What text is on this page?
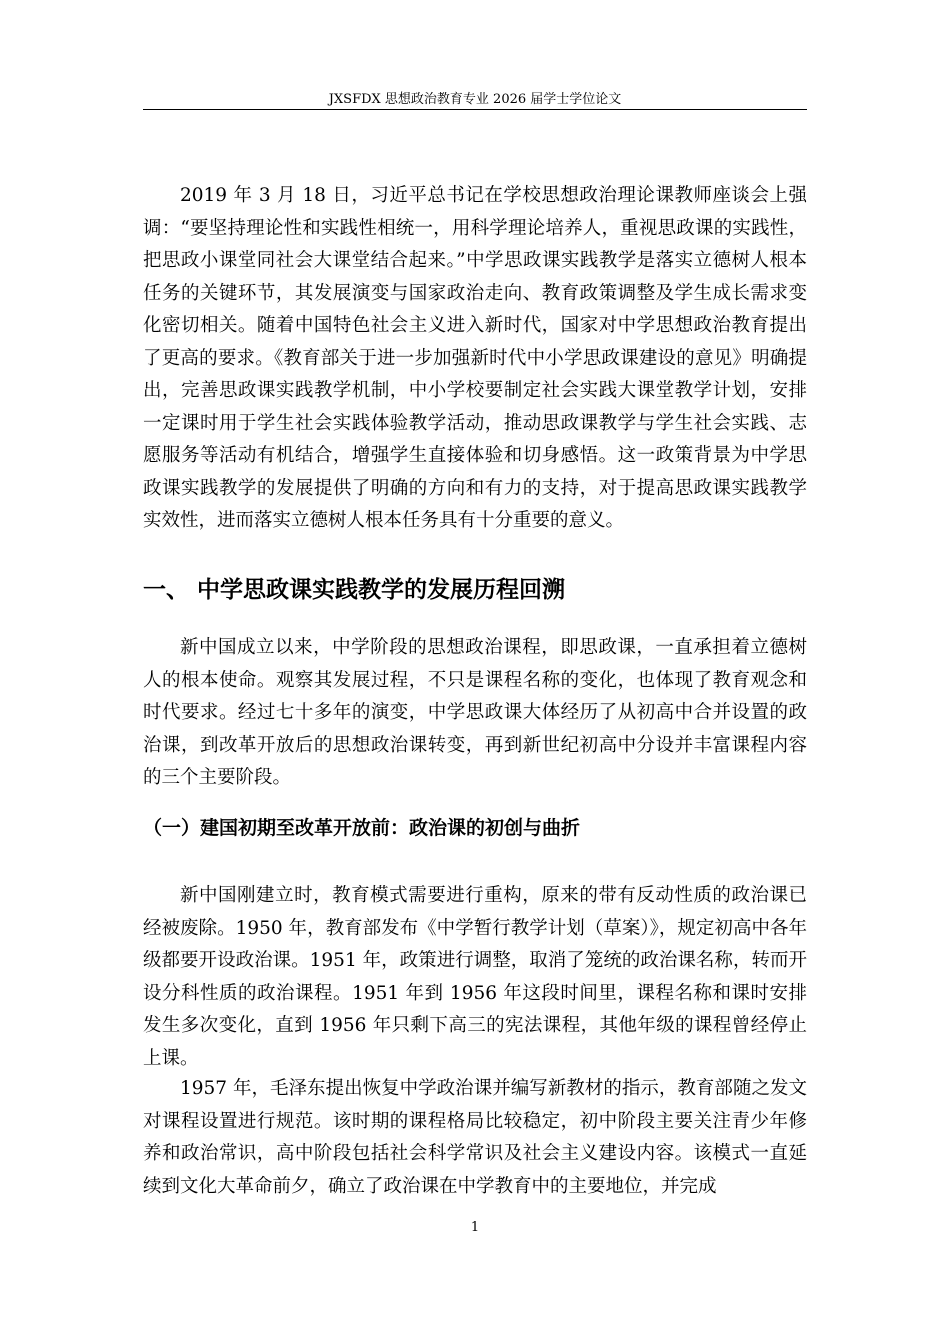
JXSFDX 思想政治教育专业 2026 届学士学位论文

2019 年 3 月 18 日，习近平总书记在学校思想政治理论课教师座谈会上强调：“要坚持理论性和实践性相统一，用科学理论培养人，重视思政课的实践性，把思政小课堂同社会大课堂结合起来。”中学思政课实践教学是落实立德树人根本任务的关键环节，其发展演变与国家政治走向、教育政策调整及学生成长需求变化密切相关。随着中国特色社会主义进入新时代，国家对中学思想政治教育提出了更高的要求。《教育部关于进一步加强新时代中小学思政课建设的意见》明确提出，完善思政课实践教学机制，中小学校要制定社会实践大课堂教学计划，安排一定课时用于学生社会实践体验教学活动，推动思政课教学与学生社会实践、志愿服务等活动有机结合，增强学生直接体验和切身感悟。这一政策背景为中学思政课实践教学的发展提供了明确的方向和有力的支持，对于提高思政课实践教学实效性，进而落实立德树人根本任务具有十分重要的意义。

一、 中学思政课实践教学的发展历程回溯

新中国成立以来，中学阶段的思想政治课程，即思政课，一直承担着立德树人的根本使命。观察其发展过程，不只是课程名称的变化，也体现了教育观念和时代要求。经过七十多年的演变，中学思政课大体经历了从初高中合并设置的政治课，到改革开放后的思想政治课转变，再到新世纪初高中分设并丰富课程内容的三个主要阶段。

（一）建国初期至改革开放前：政治课的初创与曲折

新中国刚建立时，教育模式需要进行重构，原来的带有反动性质的政治课已经被废除。1950 年，教育部发布《中学暂行教学计划（草案）》，规定初高中各年级都要开设政治课。1951 年，政策进行调整，取消了笼统的政治课名称，转而开设分科性质的政治课程。1951 年到 1956 年这段时间里，课程名称和课时安排发生多次变化，直到 1956 年只剩下高三的宪法课程，其他年级的课程曾经停止上课。

1957 年，毛泽东提出恢复中学政治课并编写新教材的指示，教育部随之发文对课程设置进行规范。该时期的课程格局比较稳定，初中阶段主要关注青少年修养和政治常识，高中阶段包括社会科学常识及社会主义建设内容。该模式一直延续到文化大革命前夕，确立了政治课在中学教育中的主要地位，并完成

1
